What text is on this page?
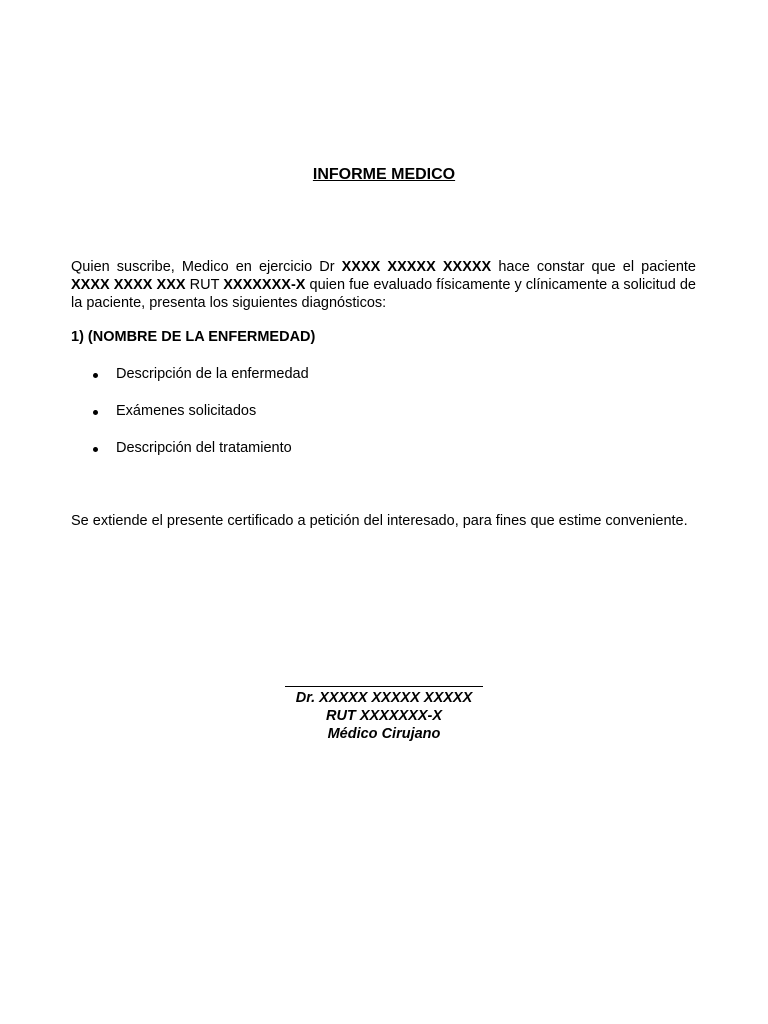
INFORME MEDICO
Quien suscribe, Medico en ejercicio Dr XXXX XXXXX XXXXX hace constar que el paciente XXXX XXXX XXX RUT XXXXXXX-X quien fue evaluado físicamente y clínicamente a solicitud de la paciente, presenta los siguientes diagnósticos:
1) (NOMBRE DE LA ENFERMEDAD)
Descripción de la enfermedad
Exámenes solicitados
Descripción del tratamiento
Se extiende el presente certificado a petición del interesado, para fines que estime conveniente.
Dr. XXXXX XXXXX XXXXX
RUT XXXXXXX-X
Médico Cirujano
